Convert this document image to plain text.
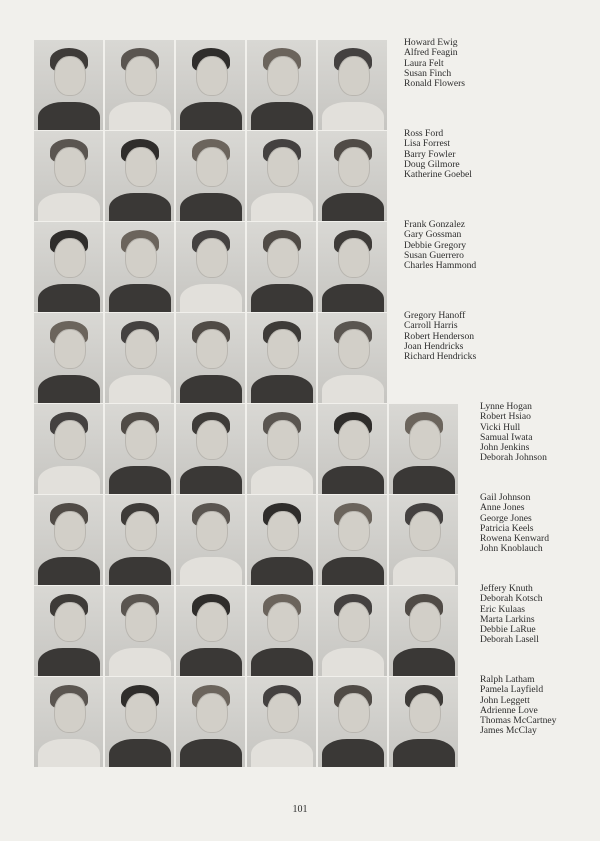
Howard Ewig
Alfred Feagin
Laura Felt
Susan Finch
Ronald Flowers
Ross Ford
Lisa Forrest
Barry Fowler
Doug Gilmore
Katherine Goebel
Frank Gonzalez
Gary Gossman
Debbie Gregory
Susan Guerrero
Charles Hammond
Gregory Hanoff
Carroll Harris
Robert Henderson
Joan Hendricks
Richard Hendricks
Lynne Hogan
Robert Hsiao
Vicki Hull
Samual Iwata
John Jenkins
Deborah Johnson
Gail Johnson
Anne Jones
George Jones
Patricia Keels
Rowena Kenward
John Knoblauch
Jeffery Knuth
Deborah Kotsch
Eric Kulaas
Marta Larkins
Debbie LaRue
Deborah Lasell
Ralph Latham
Pamela Layfield
John Leggett
Adrienne Love
Thomas McCartney
James McClay
101
